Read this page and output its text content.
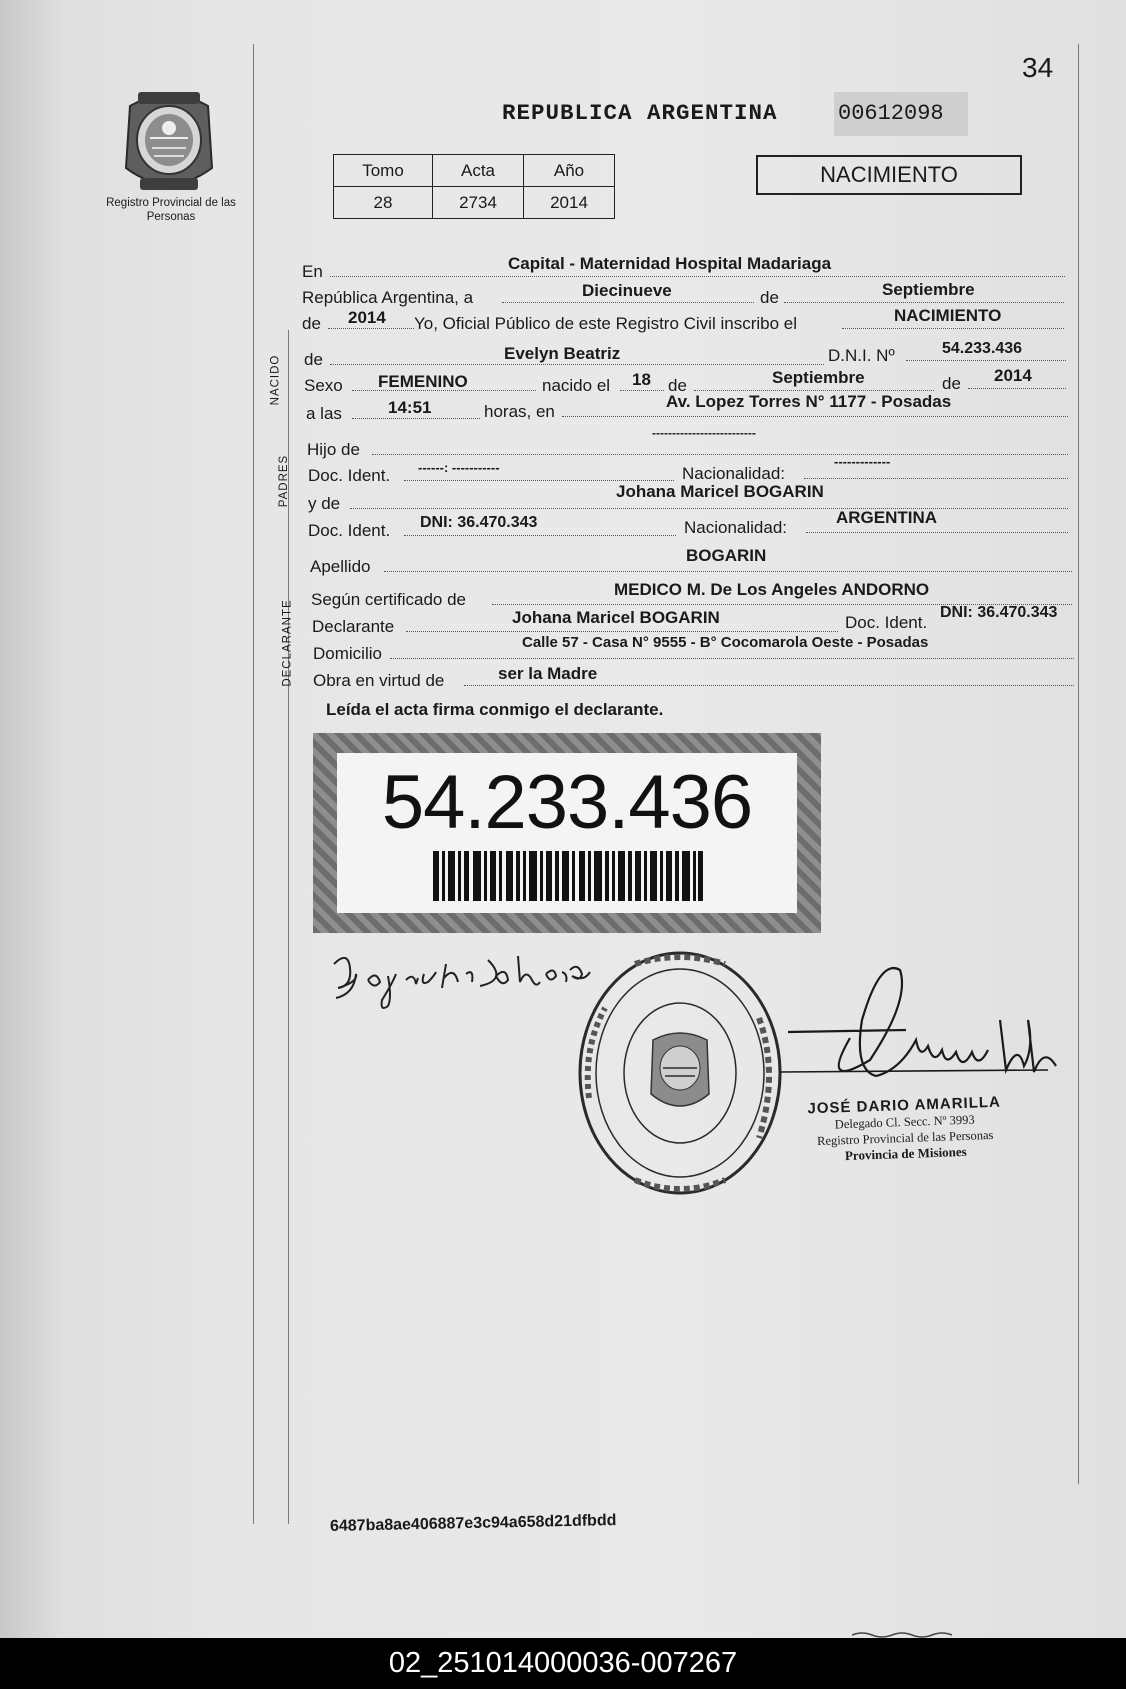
34
Registro Provincial de las Personas
REPUBLICA ARGENTINA	00612098
Tomo	Acta	Año
28	2734	2014
NACIMIENTO
En	Capital - Maternidad Hospital Madariaga
República Argentina, a	Diecinueve	de	Septiembre
de 2014 Yo, Oficial Público de este Registro Civil inscribo el	NACIMIENTO
NACIDO de	Evelyn Beatriz	D.N.I. Nº	54.233.436
Sexo FEMENINO	nacido el 18 de	Septiembre	de 2014
a las	14:51	horas, en
Av. Lopez Torres N° 1177 - Posadas
PADRES
Hijo de
--------------------------
Doc. Ident. ------: -----------	Nacionalidad:
-------------
y de
Johana Maricel BOGARIN
Doc. Ident. DNI: 36.470.343	Nacionalidad:
ARGENTINA
Apellido
BOGARIN
DECLARANTE Según certificado de
MEDICO M. De Los Angeles ANDORNO
Declarante	Johana Maricel BOGARIN	Doc. Ident.
DNI: 36.470.343
Domicilio
Calle 57 - Casa N° 9555 - B° Cocomarola Oeste - Posadas
Obra en virtud de	ser la Madre
Leída el acta firma conmigo el declarante.
54.233.436
JOSÉ DARIO AMARILLA
Delegado Cl. Secc. Nº 3993
Registro Provincial de las Personas
Provincia de Misiones
6487ba8ae406887e3c94a658d21dfbdd
02_251014000036-007267
